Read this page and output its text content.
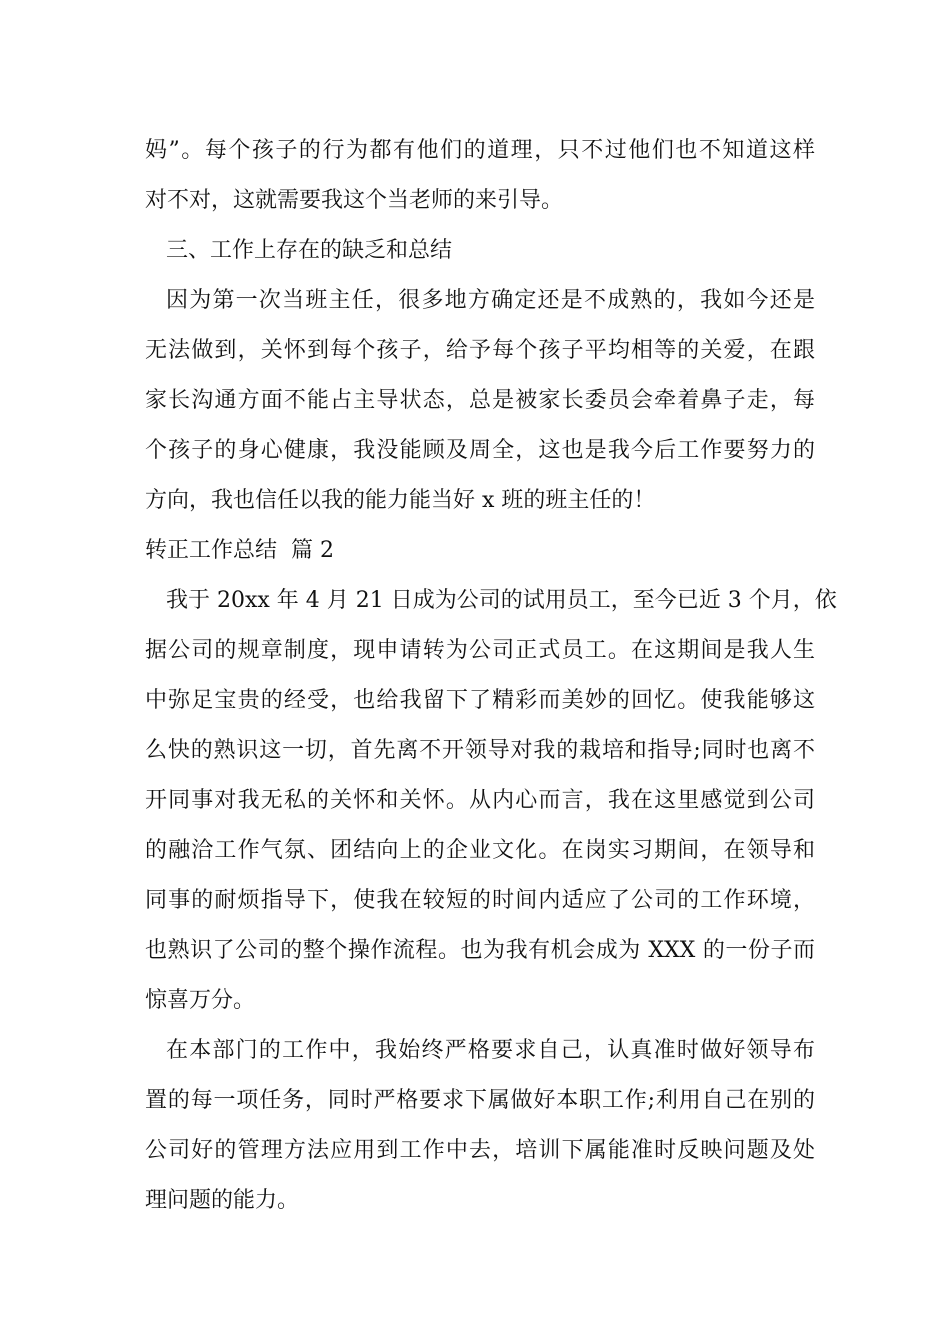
妈”。每个孩子的行为都有他们的道理，只不过他们也不知道这样
对不对，这就需要我这个当老师的来引导。
三、工作上存在的缺乏和总结
因为第一次当班主任，很多地方确定还是不成熟的，我如今还是
无法做到，关怀到每个孩子，给予每个孩子平均相等的关爱，在跟
家长沟通方面不能占主导状态，总是被家长委员会牵着鼻子走，每
个孩子的身心健康，我没能顾及周全，这也是我今后工作要努力的
方向，我也信任以我的能力能当好 x 班的班主任的！
转正工作总结  篇 2
我于 20xx 年 4 月 21 日成为公司的试用员工，至今已近 3 个月，依
据公司的规章制度，现申请转为公司正式员工。在这期间是我人生
中弥足宝贵的经受，也给我留下了精彩而美妙的回忆。使我能够这
么快的熟识这一切，首先离不开领导对我的栽培和指导;同时也离不
开同事对我无私的关怀和关怀。从内心而言，我在这里感觉到公司
的融洽工作气氛、团结向上的企业文化。在岗实习期间，在领导和
同事的耐烦指导下，使我在较短的时间内适应了公司的工作环境，
也熟识了公司的整个操作流程。也为我有机会成为 XXX 的一份子而
惊喜万分。
在本部门的工作中，我始终严格要求自己，认真准时做好领导布
置的每一项任务，同时严格要求下属做好本职工作;利用自己在别的
公司好的管理方法应用到工作中去，培训下属能准时反映问题及处
理问题的能力。
